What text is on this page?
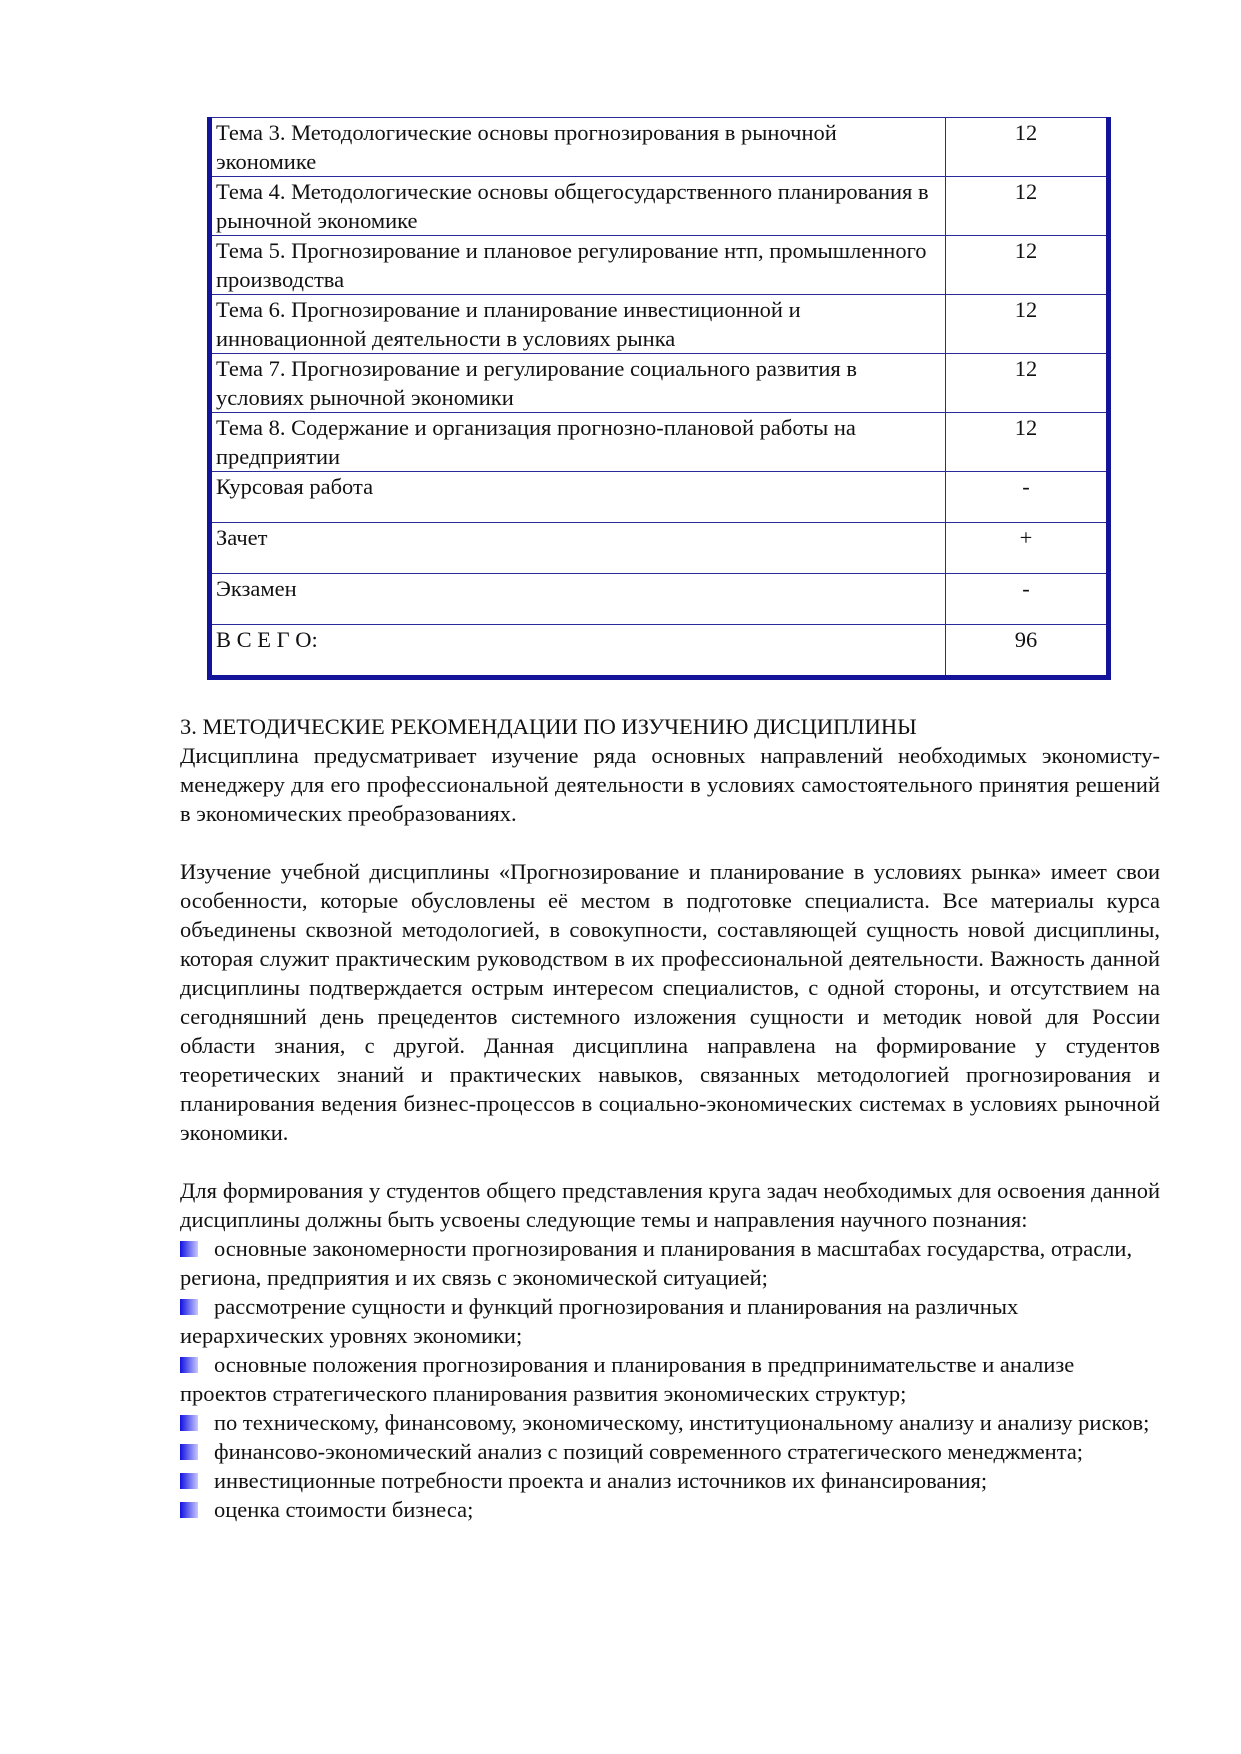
Тема 3. Методологические основы прогнозирования в рыночной экономике	12
Тема 4. Методологические основы общегосударственного планирования в рыночной экономике	12
Тема 5. Прогнозирование и плановое регулирование нтп, промышленного производства	12
Тема 6. Прогнозирование и планирование инвестиционной и инновационной деятельности в условиях рынка	12
Тема 7. Прогнозирование и регулирование социального развития в условиях рыночной экономики	12
Тема 8. Содержание и организация прогнозно-плановой работы на предприятии	12
Курсовая работа	-
Зачет	+
Экзамен	-
В С Е Г О:	96
3. МЕТОДИЧЕСКИЕ РЕКОМЕНДАЦИИ ПО ИЗУЧЕНИЮ ДИСЦИПЛИНЫ

Дисциплина предусматривает изучение ряда основных направлений необходимых экономисту-менеджеру для его профессиональной деятельности в условиях самостоятельного принятия решений в экономических преобразованиях.

Изучение учебной дисциплины «Прогнозирование и планирование в условиях рынка» имеет свои особенности, которые обусловлены её местом в подготовке специалиста. Все материалы курса объединены сквозной методологией, в совокупности, составляющей сущность новой дисциплины, которая служит практическим руководством в их профессиональной деятельности. Важность данной дисциплины подтверждается острым интересом специалистов, с одной стороны, и отсутствием на сегодняшний день прецедентов системного изложения сущности и методик новой для России области знания, с другой. Данная дисциплина направлена на формирование у студентов теоретических знаний и практических навыков, связанных методологией прогнозирования и планирования ведения бизнес-процессов в социально-экономических системах в условиях рыночной экономики.

Для формирования у студентов общего представления круга задач необходимых для освоения данной дисциплины должны быть усвоены следующие темы и направления научного познания:

основные закономерности прогнозирования и планирования в масштабах государства, отрасли, региона, предприятия и их связь с экономической ситуацией;
рассмотрение сущности и функций прогнозирования и планирования на различных иерархических уровнях экономики;
основные положения прогнозирования и планирования в предпринимательстве и анализе проектов стратегического планирования развития экономических структур;
по техническому, финансовому, экономическому, институциональному анализу и анализу рисков;
финансово-экономический анализ с позиций современного стратегического менеджмента;
инвестиционные потребности проекта и анализ источников их финансирования;
оценка стоимости бизнеса;
